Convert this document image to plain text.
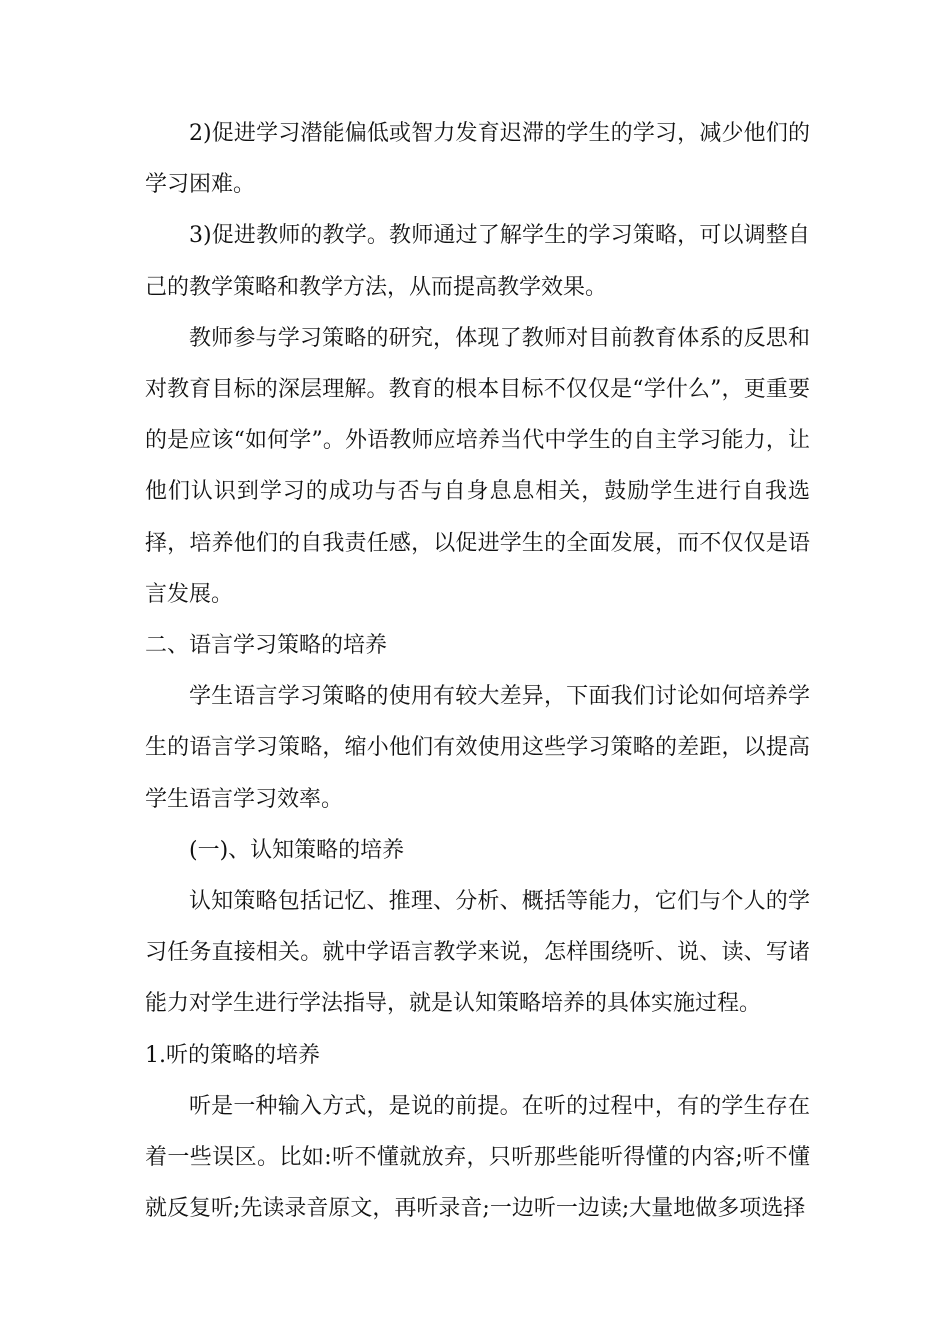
2)促进学习潜能偏低或智力发育迟滞的学生的学习，减少他们的学习困难。

3)促进教师的教学。教师通过了解学生的学习策略，可以调整自己的教学策略和教学方法，从而提高教学效果。

教师参与学习策略的研究，体现了教师对目前教育体系的反思和对教育目标的深层理解。教育的根本目标不仅仅是“学什么”，更重要的是应该“如何学”。外语教师应培养当代中学生的自主学习能力，让他们认识到学习的成功与否与自身息息相关，鼓励学生进行自我选择，培养他们的自我责任感，以促进学生的全面发展，而不仅仅是语言发展。

二、语言学习策略的培养

学生语言学习策略的使用有较大差异，下面我们讨论如何培养学生的语言学习策略，缩小他们有效使用这些学习策略的差距，以提高学生语言学习效率。

(一)、认知策略的培养

认知策略包括记忆、推理、分析、概括等能力，它们与个人的学习任务直接相关。就中学语言教学来说，怎样围绕听、说、读、写诸能力对学生进行学法指导，就是认知策略培养的具体实施过程。

1.听的策略的培养

听是一种输入方式，是说的前提。在听的过程中，有的学生存在着一些误区。比如:听不懂就放弃，只听那些能听得懂的内容;听不懂就反复听;先读录音原文，再听录音;一边听一边读;大量地做多项选择
